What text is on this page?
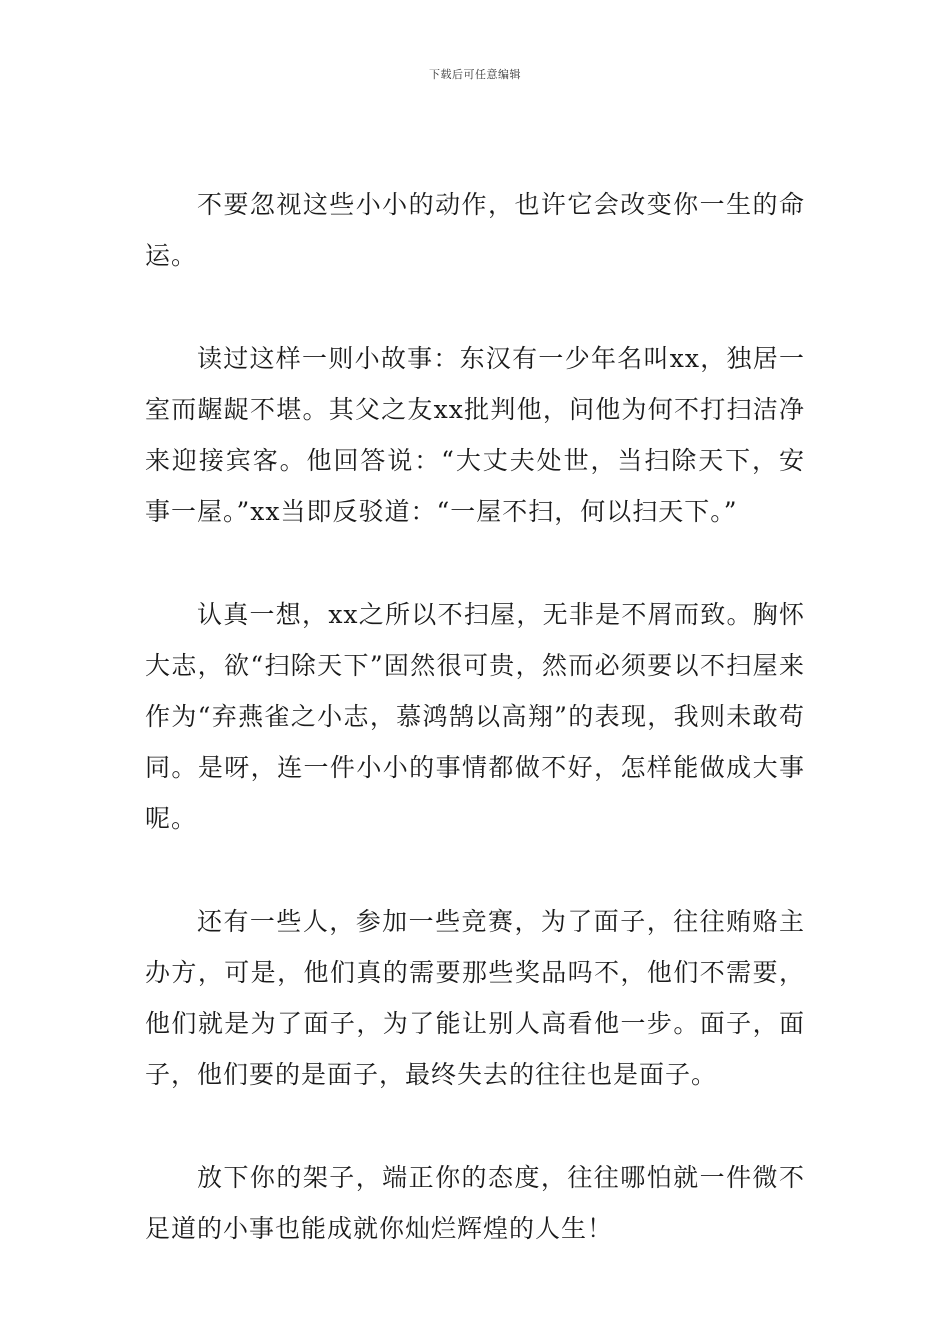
下载后可任意编辑

不要忽视这些小小的动作，也许它会改变你一生的命运。

读过这样一则小故事：东汉有一少年名叫xx，独居一室而龌龊不堪。其父之友xx批判他，问他为何不打扫洁净来迎接宾客。他回答说：“大丈夫处世，当扫除天下，安事一屋。”xx当即反驳道：“一屋不扫，何以扫天下。”

认真一想，xx之所以不扫屋，无非是不屑而致。胸怀大志，欲“扫除天下”固然很可贵，然而必须要以不扫屋来作为“弃燕雀之小志，慕鸿鹄以高翔”的表现，我则未敢苟同。是呀，连一件小小的事情都做不好，怎样能做成大事呢。

还有一些人，参加一些竞赛，为了面子，往往贿赂主办方，可是，他们真的需要那些奖品吗不，他们不需要，他们就是为了面子，为了能让别人高看他一步。面子，面子，他们要的是面子，最终失去的往往也是面子。

放下你的架子，端正你的态度，往往哪怕就一件微不足道的小事也能成就你灿烂辉煌的人生！
